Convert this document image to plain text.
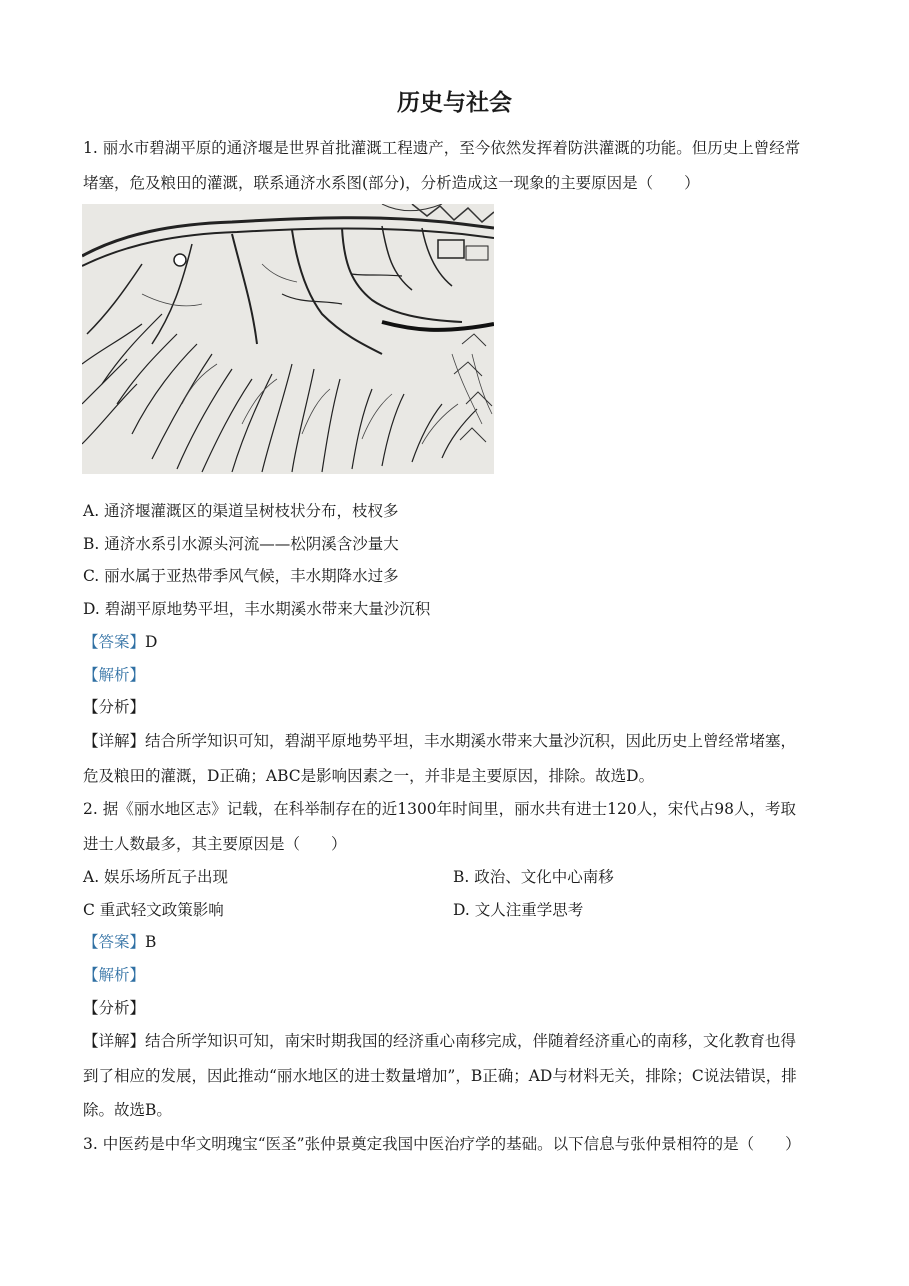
历史与社会
1. 丽水市碧湖平原的通济堰是世界首批灌溉工程遗产，至今依然发挥着防洪灌溉的功能。但历史上曾经常
堵塞，危及粮田的灌溉，联系通济水系图(部分)，分析造成这一现象的主要原因是（　　）
A. 通济堰灌溉区的渠道呈树枝状分布，枝杈多
B. 通济水系引水源头河流——松阴溪含沙量大
C. 丽水属于亚热带季风气候，丰水期降水过多
D. 碧湖平原地势平坦，丰水期溪水带来大量沙沉积
【答案】D
【解析】
【分析】
【详解】结合所学知识可知，碧湖平原地势平坦，丰水期溪水带来大量沙沉积，因此历史上曾经常堵塞，
危及粮田的灌溉，D正确；ABC是影响因素之一，并非是主要原因，排除。故选D。
2. 据《丽水地区志》记载，在科举制存在的近1300年时间里，丽水共有进士120人，宋代占98人，考取
进士人数最多，其主要原因是（　　）
A. 娱乐场所瓦子出现	B. 政治、文化中心南移
C 重武轻文政策影响	D. 文人注重学思考
【答案】B
【解析】
【分析】
【详解】结合所学知识可知，南宋时期我国的经济重心南移完成，伴随着经济重心的南移，文化教育也得
到了相应的发展，因此推动“丽水地区的进士数量增加”，B正确；AD与材料无关，排除；C说法错误，排
除。故选B。
3. 中医药是中华文明瑰宝“医圣”张仲景奠定我国中医治疗学的基础。以下信息与张仲景相符的是（　　）
